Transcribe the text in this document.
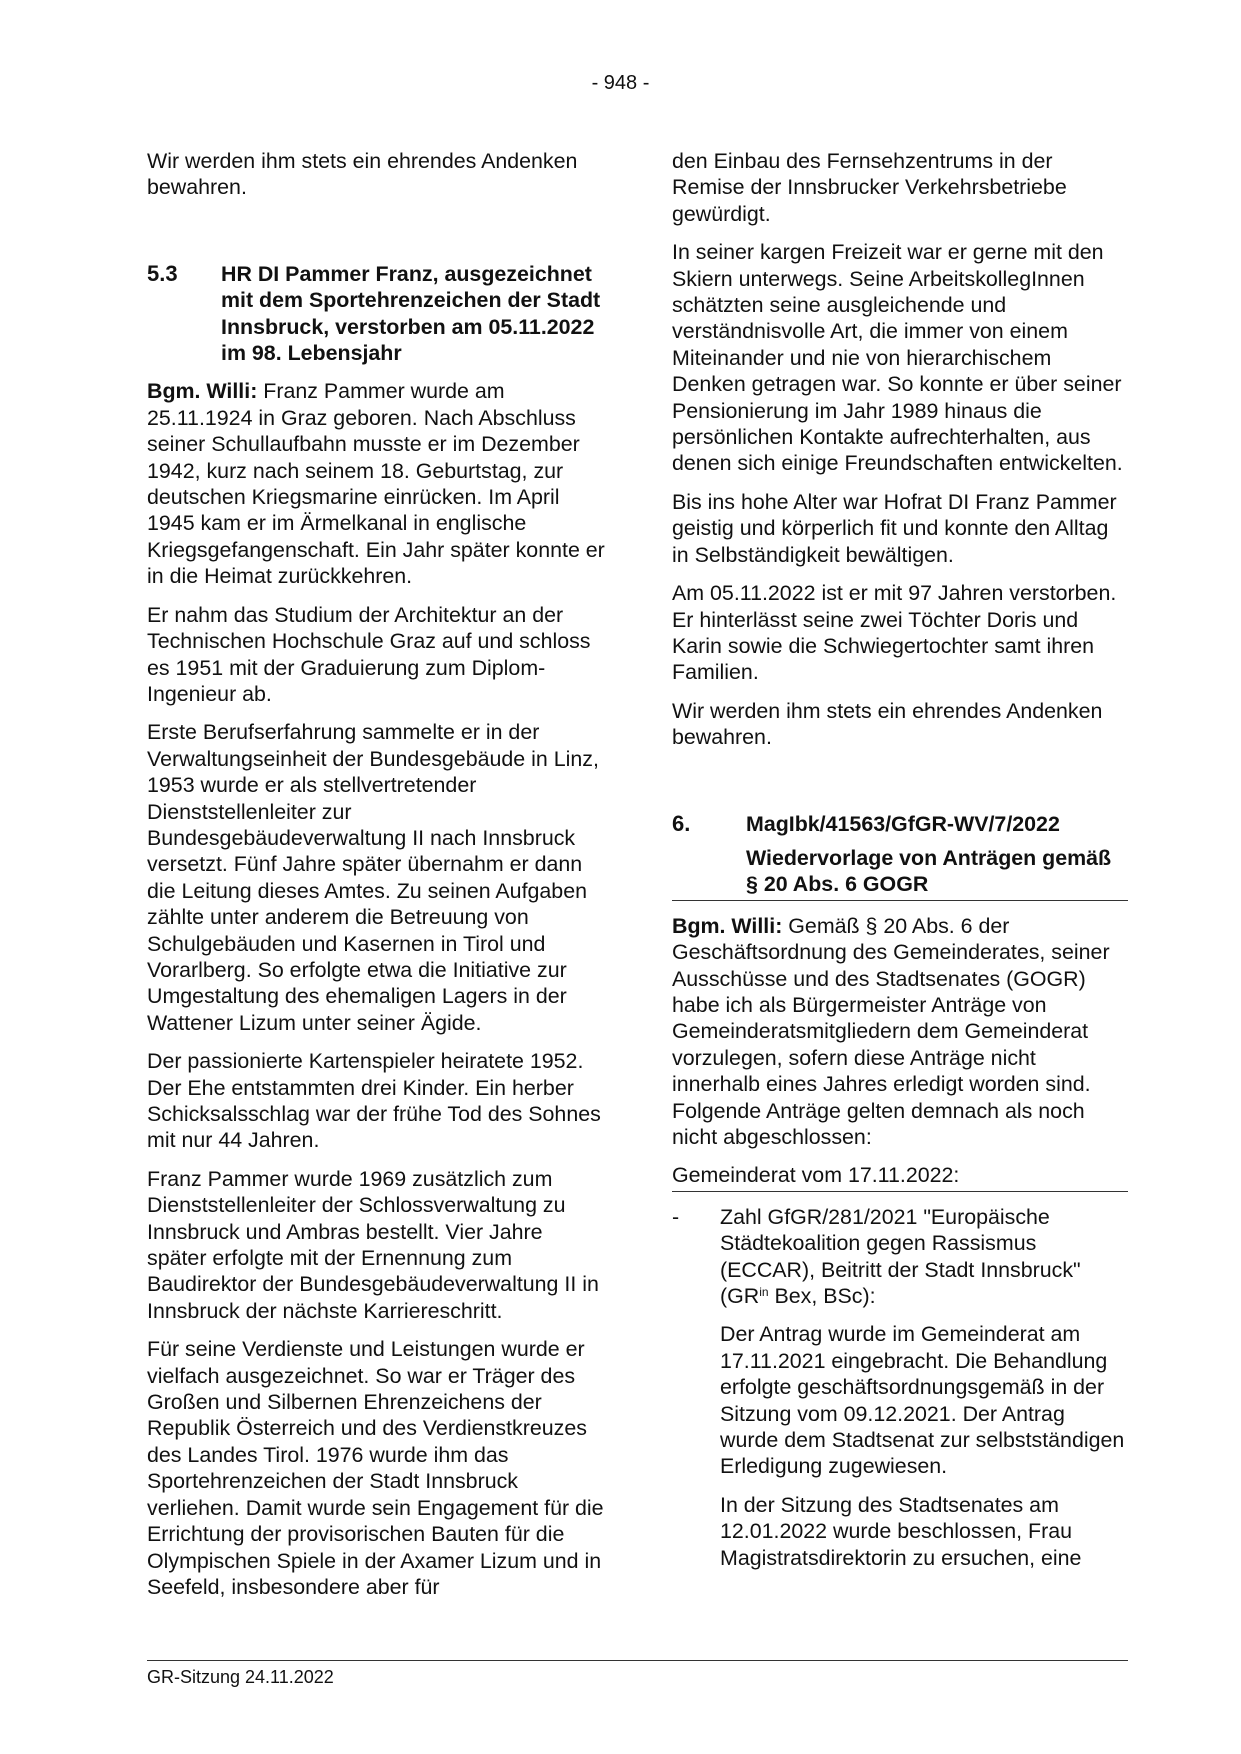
- 948 -

Wir werden ihm stets ein ehrendes Andenken bewahren.

5.3	HR DI Pammer Franz, ausgezeichnet mit dem Sportehrenzeichen der Stadt Innsbruck, verstorben am 05.11.2022 im 98. Lebensjahr

Bgm. Willi: Franz Pammer wurde am 25.11.1924 in Graz geboren. Nach Abschluss seiner Schullaufbahn musste er im Dezember 1942, kurz nach seinem 18. Geburtstag, zur deutschen Kriegsmarine einrücken. Im April 1945 kam er im Ärmelkanal in englische Kriegsgefangenschaft. Ein Jahr später konnte er in die Heimat zurückkehren.

Er nahm das Studium der Architektur an der Technischen Hochschule Graz auf und schloss es 1951 mit der Graduierung zum Diplom-Ingenieur ab.

Erste Berufserfahrung sammelte er in der Verwaltungseinheit der Bundesgebäude in Linz, 1953 wurde er als stellvertretender Dienststellenleiter zur Bundesgebäudeverwaltung II nach Innsbruck versetzt. Fünf Jahre später übernahm er dann die Leitung dieses Amtes. Zu seinen Aufgaben zählte unter anderem die Betreuung von Schulgebäuden und Kasernen in Tirol und Vorarlberg. So erfolgte etwa die Initiative zur Umgestaltung des ehemaligen Lagers in der Wattener Lizum unter seiner Ägide.

Der passionierte Kartenspieler heiratete 1952. Der Ehe entstammten drei Kinder. Ein herber Schicksalsschlag war der frühe Tod des Sohnes mit nur 44 Jahren.

Franz Pammer wurde 1969 zusätzlich zum Dienststellenleiter der Schlossverwaltung zu Innsbruck und Ambras bestellt. Vier Jahre später erfolgte mit der Ernennung zum Baudirektor der Bundesgebäudeverwaltung II in Innsbruck der nächste Karriereschritt.

Für seine Verdienste und Leistungen wurde er vielfach ausgezeichnet. So war er Träger des Großen und Silbernen Ehrenzeichens der Republik Österreich und des Verdienstkreuzes des Landes Tirol. 1976 wurde ihm das Sportehrenzeichen der Stadt Innsbruck verliehen. Damit wurde sein Engagement für die Errichtung der provisorischen Bauten für die Olympischen Spiele in der Axamer Lizum und in Seefeld, insbesondere aber für

den Einbau des Fernsehzentrums in der Remise der Innsbrucker Verkehrsbetriebe gewürdigt.

In seiner kargen Freizeit war er gerne mit den Skiern unterwegs. Seine ArbeitskollegInnen schätzten seine ausgleichende und verständnisvolle Art, die immer von einem Miteinander und nie von hierarchischem Denken getragen war. So konnte er über seiner Pensionierung im Jahr 1989 hinaus die persönlichen Kontakte aufrechterhalten, aus denen sich einige Freundschaften entwickelten.

Bis ins hohe Alter war Hofrat DI Franz Pammer geistig und körperlich fit und konnte den Alltag in Selbständigkeit bewältigen.

Am 05.11.2022 ist er mit 97 Jahren verstorben. Er hinterlässt seine zwei Töchter Doris und Karin sowie die Schwiegertochter samt ihren Familien.

Wir werden ihm stets ein ehrendes Andenken bewahren.

6.	MagIbk/41563/GfGR-WV/7/2022
Wiedervorlage von Anträgen gemäß § 20 Abs. 6 GOGR

Bgm. Willi: Gemäß § 20 Abs. 6 der Geschäftsordnung des Gemeinderates, seiner Ausschüsse und des Stadtsenates (GOGR) habe ich als Bürgermeister Anträge von Gemeinderatsmitgliedern dem Gemeinderat vorzulegen, sofern diese Anträge nicht innerhalb eines Jahres erledigt worden sind. Folgende Anträge gelten demnach als noch nicht abgeschlossen:

Gemeinderat vom 17.11.2022:

-	Zahl GfGR/281/2021 "Europäische Städtekoalition gegen Rassismus (ECCAR), Beitritt der Stadt Innsbruck" ($GR^{in}$ Bex, BSc):

Der Antrag wurde im Gemeinderat am 17.11.2021 eingebracht. Die Behandlung erfolgte geschäftsordnungsgemäß in der Sitzung vom 09.12.2021. Der Antrag wurde dem Stadtsenat zur selbstständigen Erledigung zugewiesen.

In der Sitzung des Stadtsenates am 12.01.2022 wurde beschlossen, Frau Magistratsdirektorin zu ersuchen, eine

GR-Sitzung 24.11.2022
